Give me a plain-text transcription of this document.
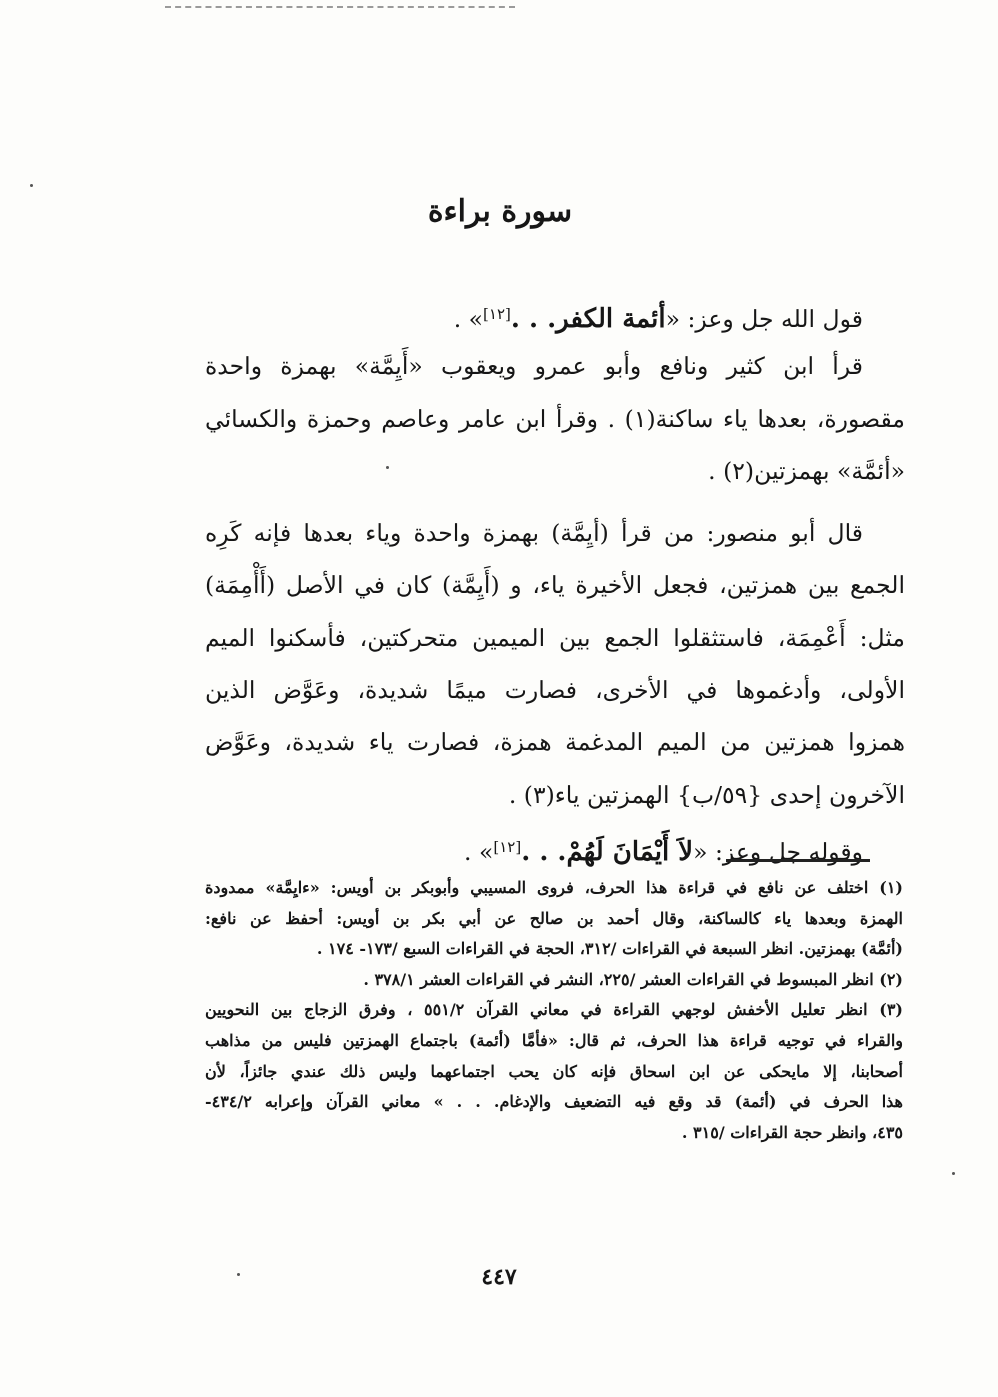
سورة براءة
قول الله جل وعز: «أئمة الكفر. . .[١٢]» .
قرأ ابن كثير ونافع وأبو عمرو ويعقوب «أَيِمَّة» بهمزة واحدة
مقصورة، بعدها ياء ساكنة(١) . وقرأ ابن عامر وعاصم وحمزة والكسائي
«أئمَّة» بهمزتين(٢) .
قال أبو منصور: من قرأ (أيِمَّة) بهمزة واحدة وياء بعدها فإنه كَرِه
الجمع بين همزتين، فجعل الأخيرة ياء، و (أَيِمَّة) كان في الأصل (أَأْمِمَة)
مثل: أَعْمِمَة، فاستثقلوا الجمع بين الميمين متحركتين، فأسكنوا الميم
الأولى، وأدغموها في الأخرى، فصارت ميمًا شديدة، وعَوَّض الذين
همزوا همزتين من الميم المدغمة همزة، فصارت ياء شديدة، وعَوَّض
الآخرون إحدى {٥٩/ب} الهمزتين ياء(٣) .
وقوله جل وعز: «لاَ أَيْمَانَ لَهُمْ. . .[١٢]» .
(١) اختلف عن نافع في قراءة هذا الحرف، فروى المسيبي وأبوبكر بن أويس: «ءايِمَّة» ممدودة
الهمزة وبعدها ياء كالساكنة، وقال أحمد بن صالح عن أبي بكر بن أويس: أحفظ عن نافع:
(أئمَّة) بهمزتين. انظر السبعة في القراءات /٣١٢، الحجة في القراءات السبع /١٧٣- ١٧٤ .
(٢) انظر المبسوط في القراءات العشر /٢٢٥، النشر في القراءات العشر ٣٧٨/١ .
(٣) انظر تعليل الأخفش لوجهي القراءة في معاني القرآن ٥٥١/٢ ، وفرق الزجاج بين النحويين
والقراء في توجيه قراءة هذا الحرف، ثم قال: «فأمَّا (أئمة) باجتماع الهمزتين فليس من مذاهب
أصحابنا، إلا مايحكى عن ابن اسحاق فإنه كان يحب اجتماعهما وليس ذلك عندي جائزاً، لأن
هذا الحرف في (أئمة) قد وقع فيه التضعيف والإدغام. . . » معاني القرآن وإعرابه ٤٣٤/٢-
٤٣٥، وانظر حجة القراءات /٣١٥ .
٤٤٧
